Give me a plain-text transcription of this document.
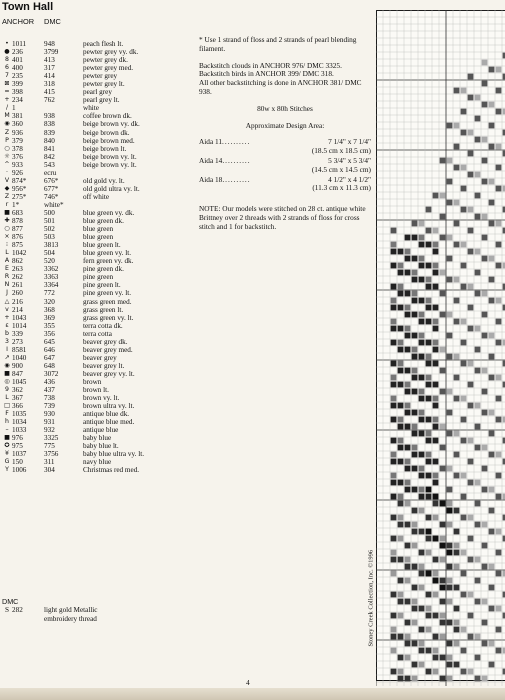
Town Hall
ANCHOR DMC
• 1011	948	peach flesh lt.
● 236	3799	pewter grey vy. dk.
8 401	413	pewter grey dk.
6 400	317	pewter grey med.
7 235	414	pewter grey
⊠ 399	318	pewter grey lt.
= 398	415	pearl grey
+ 234	762	pearl grey lt.
/ 1	white
M 381	938	coffee brown dk.
◉ 360	838	beige brown vy. dk.
Z 936	839	beige brown dk.
P 379	840	beige brown med.
○ 378	841	beige brown lt.
☼ 376	842	beige brown vy. lt.
^ 933	543	beige brown vy. lt.
· 926	ecru
V 874*	676*	old gold vy. lt.
◆ 956*	677*	old gold ultra vy. lt.
Z 275*	746*	off white
r 1*	white*
■ 683	500	blue green vy. dk.
✚ 878	501	blue green dk.
○ 877	502	blue green
× 876	503	blue green
⁝ 875	3813	blue green lt.
L 1042	504	blue green vy. lt.
A 862	520	fern green vy. dk.
E 263	3362	pine green dk.
R 262	3363	pine green
N 261	3364	pine green lt.
J 260	772	pine green vy. lt.
△ 216	320	grass green med.
v 214	368	grass green lt.
+ 1043	369	grass green vy. lt.
ε 1014	355	terra cotta dk.
b 339	356	terra cotta
3 273	645	beaver grey dk.
I 8581	646	beaver grey med.
↗ 1040	647	beaver grey
◉ 900	648	beaver grey lt.
■ 847	3072	beaver grey vy. lt.
◎ 1045	436	brown
9 362	437	brown lt.
L 367	738	brown vy. lt.
□ 366	739	brown ultra vy. lt.
F 1035	930	antique blue dk.
h 1034	931	antique blue med.
– 1033	932	antique blue
■ 976	3325	baby blue
✪ 975	775	baby blue lt.
¥ 1037	3756	baby blue ultra vy. lt.
G 150	311	navy blue
Y 1006	304	Christmas red med.
DMC
S 282	light gold Metallic
embroidery thread

* Use 1 strand of floss and 2 strands of pearl blending filament.

Backstitch clouds in ANCHOR 976/ DMC 3325.

Backstitch birds in ANCHOR 399/ DMC 318.

All other backstitching is done in ANCHOR 381/ DMC 938.

80w x 80h Stitches

Approximate Design Area:

Aida 11 ..........	7 1/4" x 7 1/4"
(18.5 cm x 18.5 cm)
Aida 14 ..........	5 3/4" x 5 3/4"
(14.5 cm x 14.5 cm)
Aida 18 ..........	4 1/2" x 4 1/2"
(11.3 cm x 11.3 cm)

NOTE: Our models were stitched on 28 ct. antique white Brittney over 2 threads with 2 strands of floss for cross stitch and 1 for backstitch.

Stoney Creek Collection, Inc. ©1996
4
